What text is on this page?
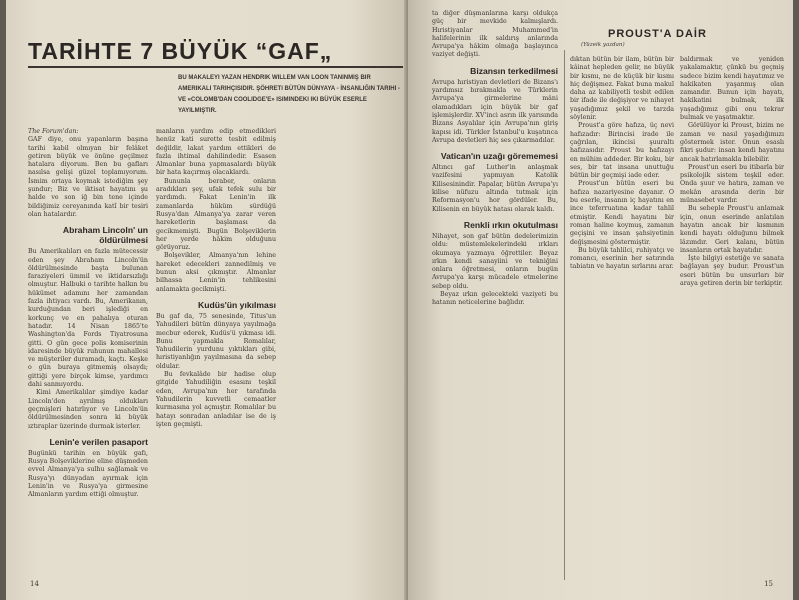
TARİHTE 7 BÜYÜK “GAF„
BU MAKALEYI YAZAN HENDRIK WILLEM VAN LOON TANINMIŞ BIR AMERIKALI TARIHÇISIDIR. ŞÖHRETI BÜTÜN DÜNYAYA - İNSANLIĞIN TARIHI - VE «COLOMB'DAN COOLIDGE'E» ISIMINDEKI IKI BÜYÜK ESERLE YAYILMIŞTIR.
The Forum'dan:

GAF diye, onu yapanların başına tarihi kabil olmıyan bir felâket getiren büyük ve önüne geçilmez hatalara diyorum. Ben bu gafları nasılsa gelişi güzel toplamıyorum. İsmim ortaya koymak istediğim şey şundur; Biz ve iktisat hayatını şu halde ve son iğ bin tene içinde bildiğimiz cereyanında katî bir tesiri olan hatalardır.

Abraham Lincoln' un öldürülmesi

Bu Amerikalıları en fazla mütecessir eden şey Abraham Lincoln'ün öldürülmesinde başta bulunan faraziyeleri ümmil ve iktidarsızlığı olmuştur. Halbuki o tarihte halkın bu hükümet adamını her zamandan fazla ihtiyacı vardı. Bu, Amerikanın, kurduğundan beri işlediği en korkunç ve en pahalıya oturan hatadır. 14 Nisan 1865'te Washington'da Fords Tiyatrosuna gitti. O gün gece polis komiserinin idaresinde büyük ruhunun mahallesi ve müşteriler duramadı, kaçtı. Keşke o gün buraya gitmemiş olsaydı; gittiği yere birçok kimse, yardımcı dahi sanmıyordu.

Kimi Amerikalılar şimdiye kadar Lincoln'den ayrılmış oldukları geçmişleri hatırlıyor ve Lincoln'ün öldürülmesinden sonra ki büyük ıztıraplar üzerinde durmak isterler.

Lenin'e verilen pasaport

Bugünkü tarihin en büyük gafı, Rusya Bolşeviklerine eline düşmeden evvel Almanya'ya sulhu sağlamak ve Rusya'yı dünyadan ayırmak için Lenin'in ve Rusya'ya girmesine Almanların yardım ettiği olmuştur.

manların yardım edip etmedikleri henüz kati surette tesbit edilmiş değildir, lakat yardım ettikleri de fazla ihtimal dahilindedir. Esasen Almanlar buna yapmasalardı büyük bir hata kaçırmış olacaklardı.

Bununla beraber, onların aradıkları şey, ufak tefek sulu bir yardımdı. Fakat Lenin'in ilk zamanlarda hüküm sürdüğü Rusya'dan Almanya'ya zarar veren hareketlerin başlaması da gecikmemişti. Bugün Bolşeviklerin her yerde hâkim olduğunu görüyoruz.

Bolşevikler, Almanya'nın lehine hareket edecekleri zannedilmiş ve bunun aksi çıkmıştır. Almanlar bilhassa Lenin'in tehlikesini anlamakta gecikmişti.

Kudüs'ün yıkılması

Bu gaf da, 75 senesinde, Titus'un Yahudileri bütün dünyaya yayılmağa mecbur ederek, Kudüs'ü yıkması idi. Bunu yapmakla Romalılar, Yahudilerin yurdunu yıktıkları gibi, hıristiyanlığın yayılmasına da sebep oldular.

Bu fevkalâde bir hadise olup gitgide Yahudiliğin esasını teşkil eden, Avrupa'nın her tarafında Yahudilerin kuvvetli cemaatler kurmasına yol açmıştır. Romalılar bu hatayı sonradan anladılar ise de iş işten geçmişti.

14
PROUST'A DAİR
(Yüzeik yazdan)

ta diğer düşmanlarına karşı oldukça güç bir mevkide kalmışlardı. Hıristiyanlar Muhammed'in halifelerinin ilk saldırış anlarında Avrupa'ya hâkim olmağa başlayınca vaziyet değişti.

Bizansın terkedilmesi

Avrupa hıristiyan devletleri de Bizans'ı yardımsız bırakmakla ve Türklerin Avrupa'ya girmelerine mâni olamadıkları için büyük bir gaf işlemişlerdir. XV'inci asrın ilk yarısında Bizans Asyalılar için Avrupa'nın giriş kapısı idi. Türkler İstanbul'u kuşatınca Avrupa devletleri hiç ses çıkarmadılar.

Vatican'ın uzağı görememesi

Altıncı gaf Luther'in anlaşmak vazifesini yapmıyan Katolik Kilisesinindir. Papalar, bütün Avrupa'yı kilise nüfuzu altında tutmak için Reformasyon'u hor gördüler. Bu, Kilisenin en büyük hatası olarak kaldı.

Renkli ırkın okutulması

Nihayet, son gaf bütün dedelerimizin oldu: müstemlekelerindeki ırkları okumaya yazmaya öğrettiler. Beyaz ırkın kendi sanayiini ve tekniğini onlara öğretmesi, onların bugün Avrupa'ya karşı mücadele etmelerine sebep oldu.

Beyaz ırkın gelecekteki vaziyeti bu hatanın neticelerine bağlıdır.

dıktan bütün bir ilam, bütün bir kâinat hepleden gelir, ne büyük bir kısmı, ne de küçük bir kısmı hiç değişmez. Fakat buna makul daha az kabiliyetli tesbit edilen bir ifade ile değişiyor ve nihayet yaşadığımız şekil ve tarzda söylenir.

Proust'a göre hafıza, üç nevi hafızadır: Birincisi irade ile çağrılan, ikincisi şuuraltı hafızasıdır. Proust bu hafızayı en mühim addeder. Bir koku, bir ses, bir tat insana unuttuğu bütün bir geçmişi iade eder.

Proust'un bütün eseri bu hafıza nazariyesine dayanır. O bu eserle, insanın iç hayatını en ince teferruatına kadar tahlil etmiştir. Kendi hayatını bir roman haline koymuş, zamanın geçişini ve insan şahsiyetinin değişmesini göstermiştir.

Bu büyük tahlilci, ruhiyatçı ve romancı, eserinin her satırında tabiatın ve hayatın sırlarını arar.

baldırmak ve yeniden yakalamaktır, çünkü bu geçmiş sadece bizim kendi hayatımız ve hakikaten yaşanmış olan zamandır. Bunun için hayatı, hakikatini bulmak, ilk yaşadığımız gibi onu tekrar bulmak ve yaşatmaktır.

Görülüyor ki Proust, bizim ne zaman ve nasıl yaşadığımızı göstermek ister. Onun esaslı fikri şudur: insan kendi hayatını ancak hatırlamakla bilebilir.

Proust'un eseri bu itibarla bir psikolojik sistem teşkil eder. Onda şuur ve hatıra, zaman ve mekân arasında derin bir münasebet vardır.

Bu sebeple Proust'u anlamak için, onun eserinde anlatılan hayatın ancak bir kısmının kendi hayatı olduğunu bilmek lâzımdır. Geri kalanı, bütün insanların ortak hayatıdır.

İşte bilgiyi estetiğe ve sanata bağlayan şey budur. Proust'un eseri bütün bu unsurları bir araya getiren derin bir terkiptir.

15
